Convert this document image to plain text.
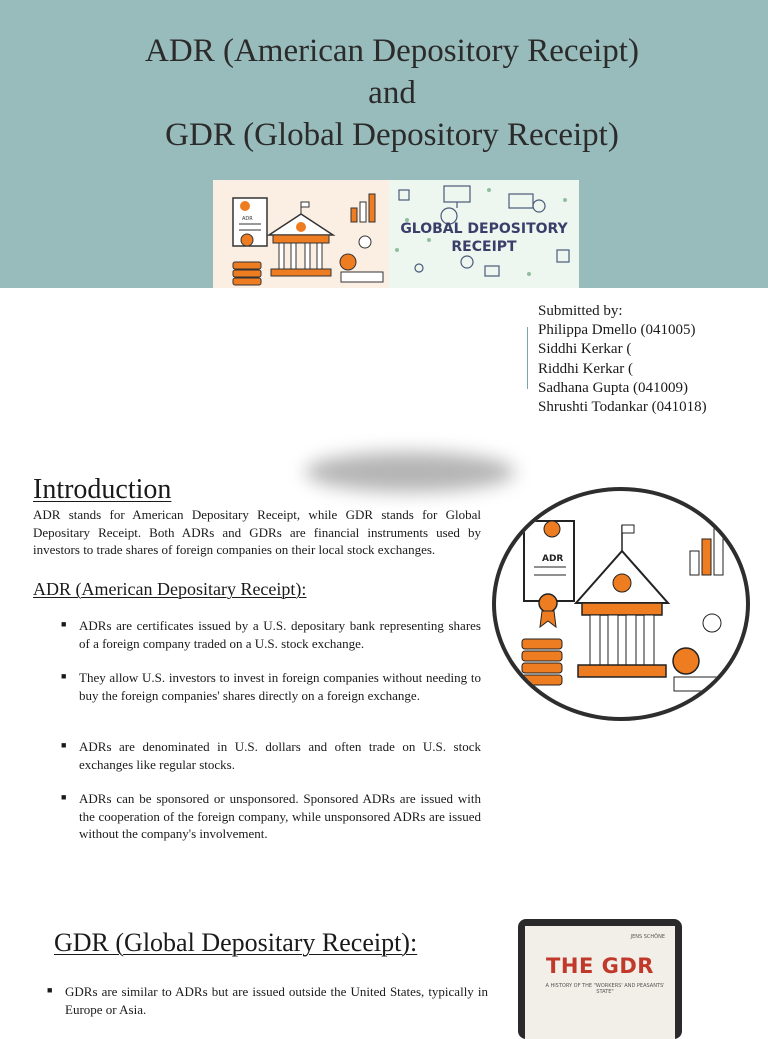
ADR (American Depository Receipt)
and
GDR (Global Depository Receipt)
ADR
GLOBAL DEPOSITORY
RECEIPT
Submitted by:
Philippa Dmello (041005)
Siddhi Kerkar (
Riddhi Kerkar (
Sadhana Gupta (041009)
Shrushti Todankar (041018)
Introduction
ADR stands for American Depositary Receipt, while GDR stands for Global Depositary Receipt. Both ADRs and GDRs are financial instruments used by investors to trade shares of foreign companies on their local stock exchanges.
ADR (American Depositary Receipt):
■ ADRs are certificates issued by a U.S. depositary bank representing shares of a foreign company traded on a U.S. stock exchange.
■ They allow U.S. investors to invest in foreign companies without needing to buy the foreign companies' shares directly on a foreign exchange.
■ ADRs are denominated in U.S. dollars and often trade on U.S. stock exchanges like regular stocks.
■ ADRs can be sponsored or unsponsored. Sponsored ADRs are issued with the cooperation of the foreign company, while unsponsored ADRs are issued without the company's involvement.
ADR
GDR (Global Depositary Receipt):
■ GDRs are similar to ADRs but are issued outside the United States, typically in Europe or Asia.
JENS SCHÖNE
THE GDR
A HISTORY OF THE "WORKERS' AND PEASANTS' STATE"
